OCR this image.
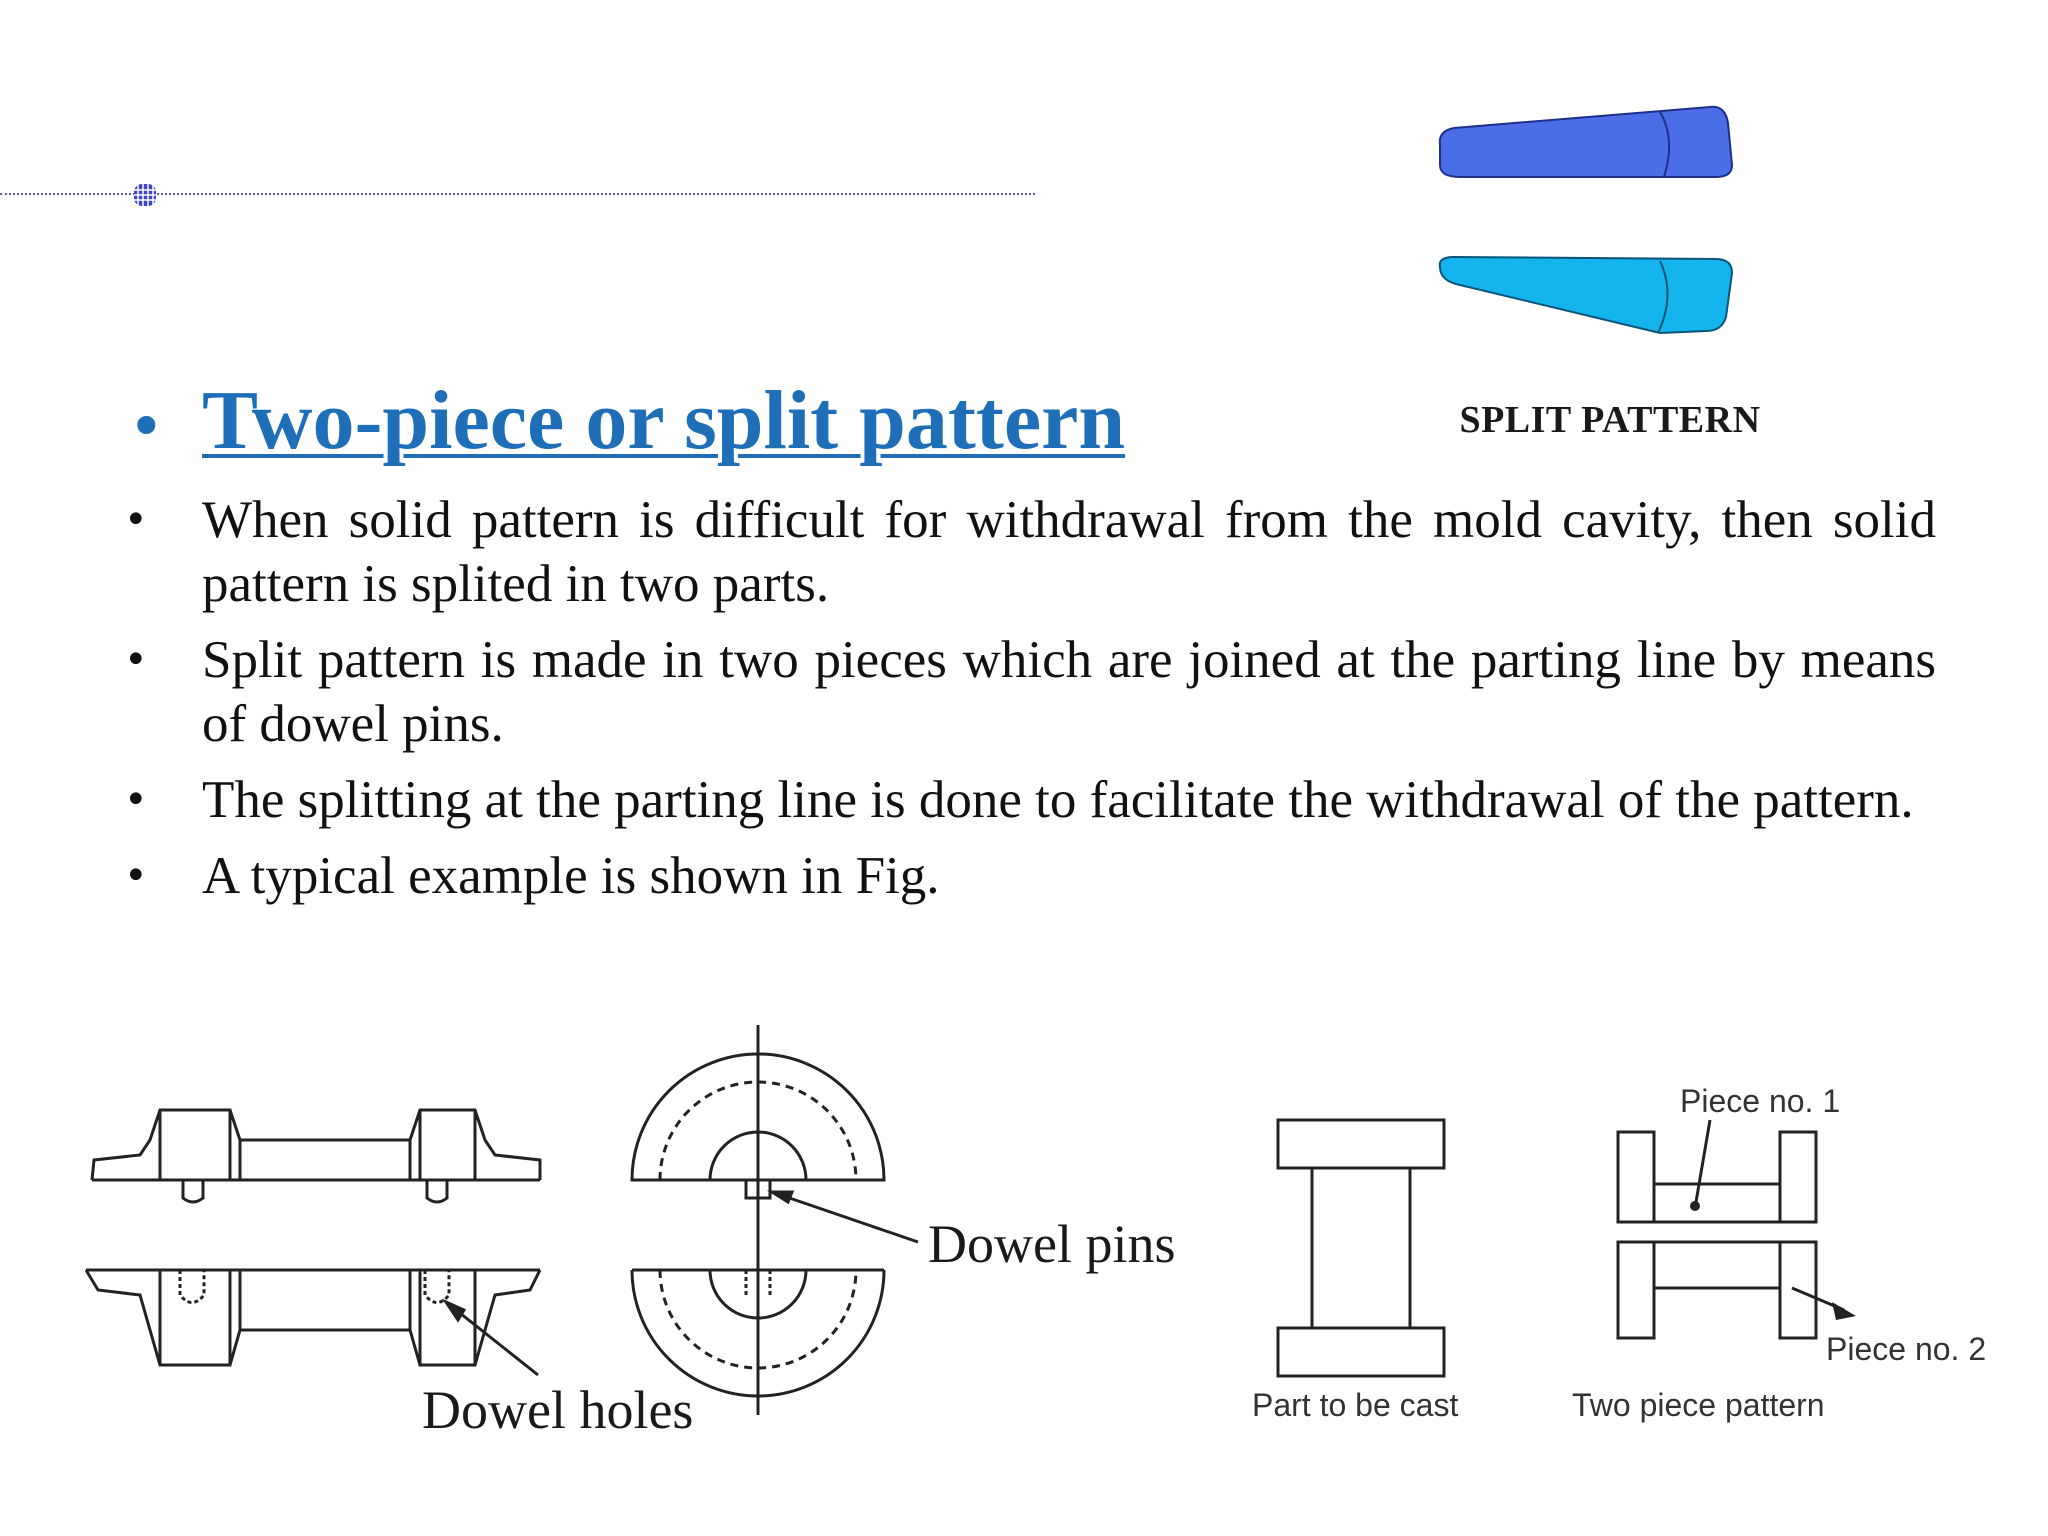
SPLIT PATTERN
• Two-piece or split pattern
• When solid pattern is difficult for withdrawal from the mold cavity, then solid pattern is splited in two parts.
• Split pattern is made in two pieces which are joined at the parting line by means of dowel pins.
• The splitting at the parting line is done to facilitate the withdrawal of the pattern.
• A typical example is shown in Fig.
Dowel holes
Dowel pins
Part to be cast	Two piece pattern
Piece no. 1
Piece no. 2
